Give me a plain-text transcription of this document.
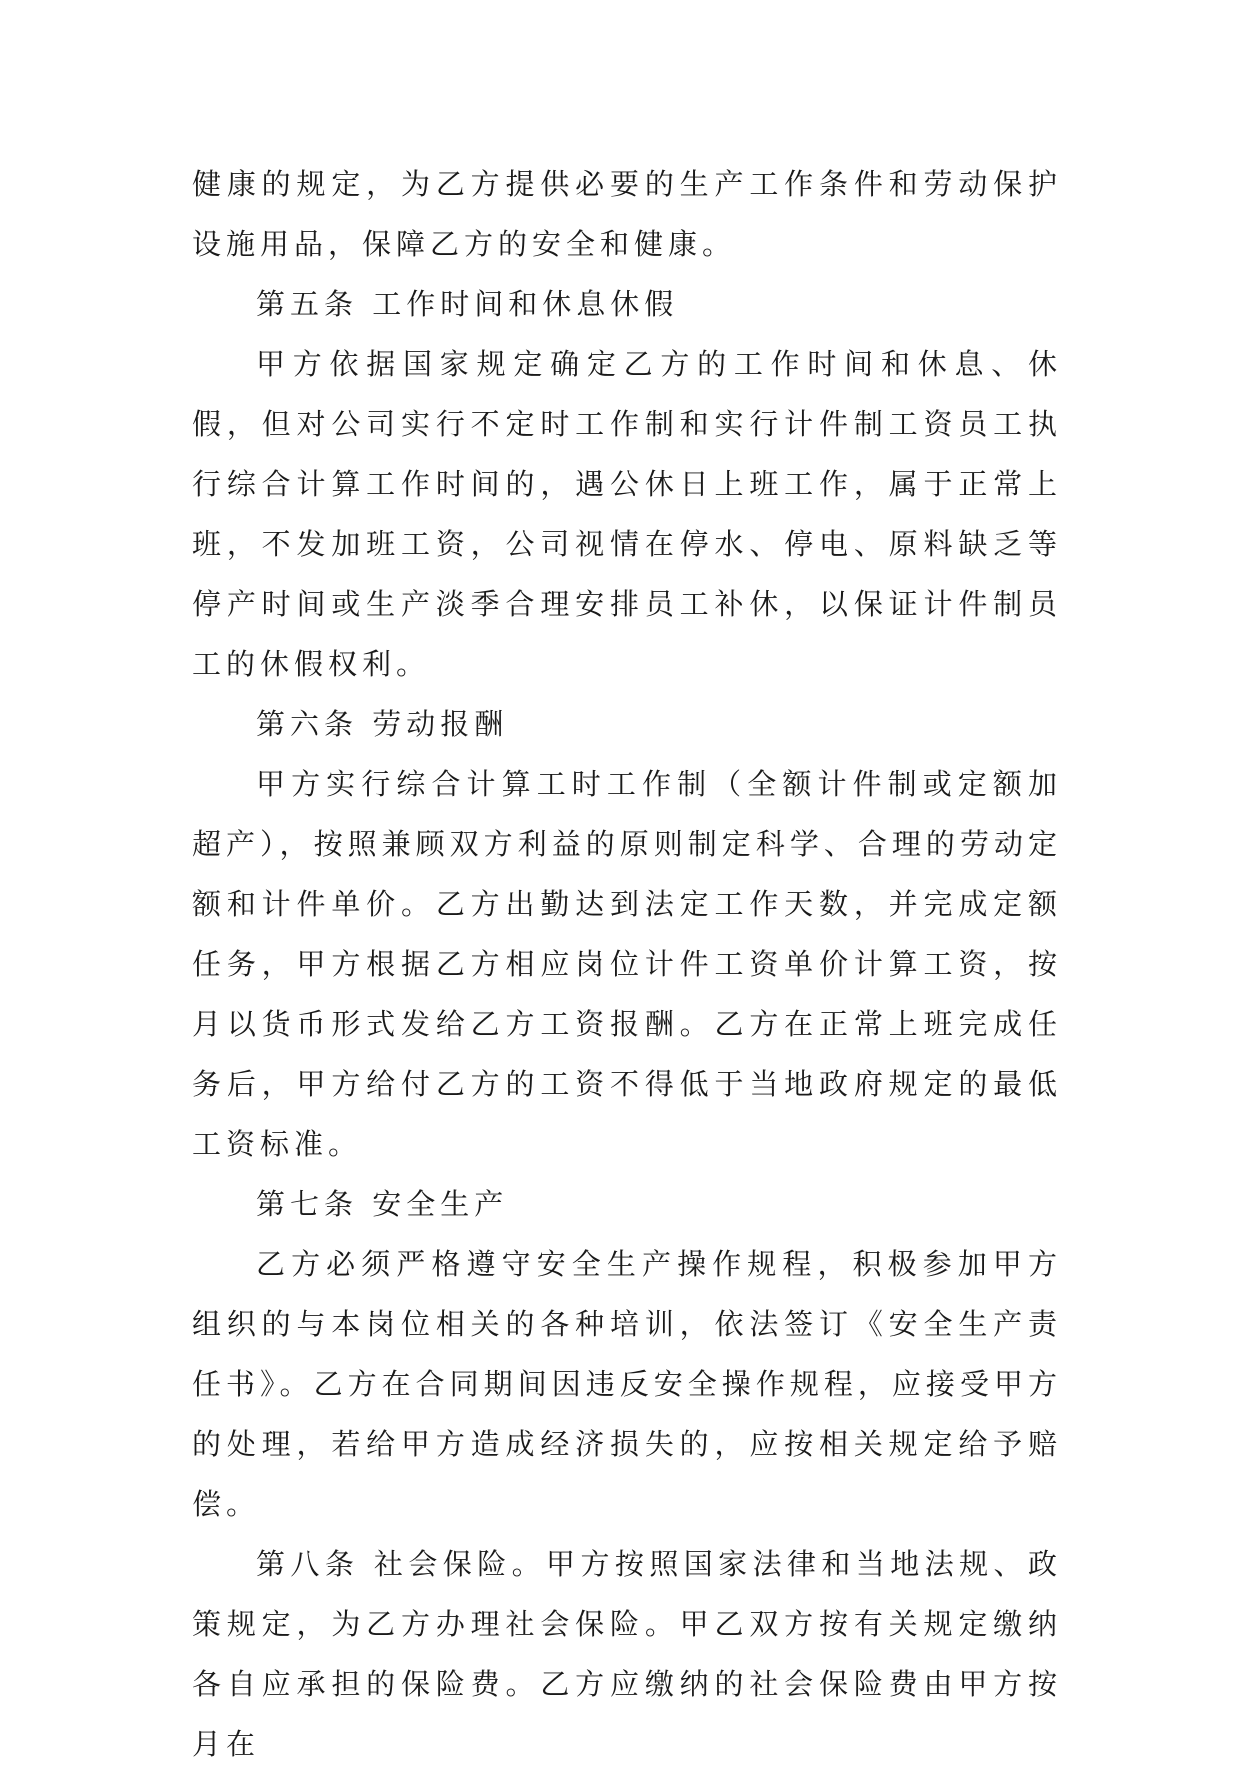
健康的规定，为乙方提供必要的生产工作条件和劳动保护设施用品，保障乙方的安全和健康。

第五条 工作时间和休息休假

甲方依据国家规定确定乙方的工作时间和休息、休假，但对公司实行不定时工作制和实行计件制工资员工执行综合计算工作时间的，遇公休日上班工作，属于正常上班，不发加班工资，公司视情在停水、停电、原料缺乏等停产时间或生产淡季合理安排员工补休，以保证计件制员工的休假权利。

第六条 劳动报酬

甲方实行综合计算工时工作制（全额计件制或定额加超产），按照兼顾双方利益的原则制定科学、合理的劳动定额和计件单价。乙方出勤达到法定工作天数，并完成定额任务，甲方根据乙方相应岗位计件工资单价计算工资，按月以货币形式发给乙方工资报酬。乙方在正常上班完成任务后，甲方给付乙方的工资不得低于当地政府规定的最低工资标准。

第七条 安全生产

乙方必须严格遵守安全生产操作规程，积极参加甲方组织的与本岗位相关的各种培训，依法签订《安全生产责任书》。乙方在合同期间因违反安全操作规程，应接受甲方的处理，若给甲方造成经济损失的，应按相关规定给予赔偿。

第八条 社会保险。甲方按照国家法律和当地法规、政策规定，为乙方办理社会保险。甲乙双方按有关规定缴纳各自应承担的保险费。乙方应缴纳的社会保险费由甲方按月在
